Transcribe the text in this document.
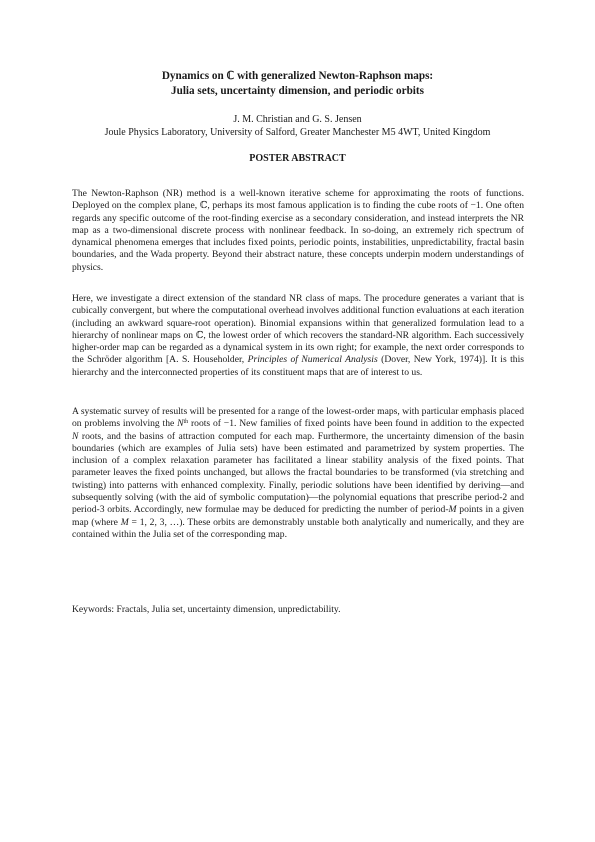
Dynamics on ℂ with generalized Newton-Raphson maps:
Julia sets, uncertainty dimension, and periodic orbits
J. M. Christian and G. S. Jensen
Joule Physics Laboratory, University of Salford, Greater Manchester M5 4WT, United Kingdom
POSTER ABSTRACT

The Newton-Raphson (NR) method is a well-known iterative scheme for approximating the roots of functions. Deployed on the complex plane, ℂ, perhaps its most famous application is to finding the cube roots of −1. One often regards any specific outcome of the root-finding exercise as a secondary consideration, and instead interprets the NR map as a two-dimensional discrete process with nonlinear feedback. In so-doing, an extremely rich spectrum of dynamical phenomena emerges that includes fixed points, periodic points, instabilities, unpredictability, fractal basin boundaries, and the Wada property. Beyond their abstract nature, these concepts underpin modern understandings of physics.

Here, we investigate a direct extension of the standard NR class of maps. The procedure generates a variant that is cubically convergent, but where the computational overhead involves additional function evaluations at each iteration (including an awkward square-root operation). Binomial expansions within that generalized formulation lead to a hierarchy of nonlinear maps on ℂ, the lowest order of which recovers the standard-NR algorithm. Each successively higher-order map can be regarded as a dynamical system in its own right; for example, the next order corresponds to the Schröder algorithm [A. S. Householder, Principles of Numerical Analysis (Dover, New York, 1974)]. It is this hierarchy and the interconnected properties of its constituent maps that are of interest to us.

A systematic survey of results will be presented for a range of the lowest-order maps, with particular emphasis placed on problems involving the $N^{th}$ roots of −1. New families of fixed points have been found in addition to the expected N roots, and the basins of attraction computed for each map. Furthermore, the uncertainty dimension of the basin boundaries (which are examples of Julia sets) have been estimated and parametrized by system properties. The inclusion of a complex relaxation parameter has facilitated a linear stability analysis of the fixed points. That parameter leaves the fixed points unchanged, but allows the fractal boundaries to be transformed (via stretching and twisting) into patterns with enhanced complexity. Finally, periodic solutions have been identified by deriving—and subsequently solving (with the aid of symbolic computation)—the polynomial equations that prescribe period-2 and period-3 orbits. Accordingly, new formulae may be deduced for predicting the number of period-M points in a given map (where M = 1, 2, 3, …). These orbits are demonstrably unstable both analytically and numerically, and they are contained within the Julia set of the corresponding map.

Keywords: Fractals, Julia set, uncertainty dimension, unpredictability.
